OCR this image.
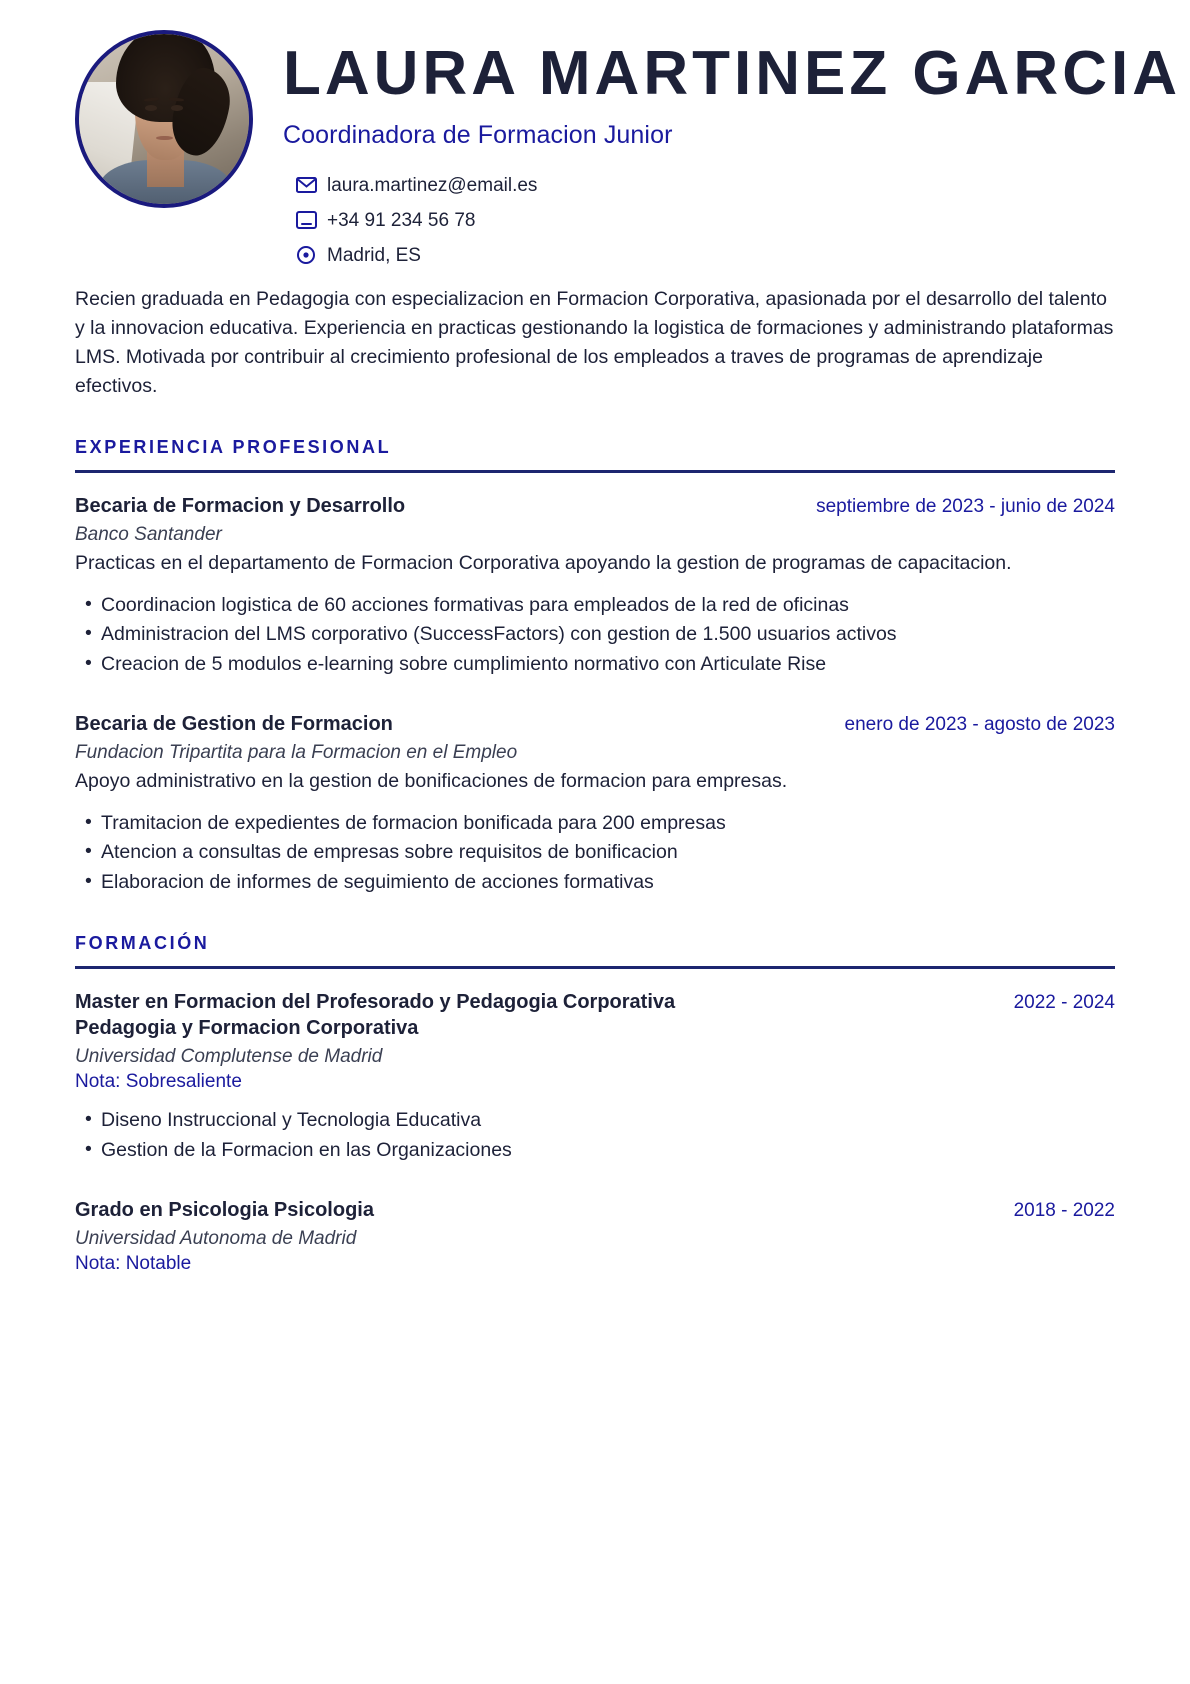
LAURA MARTINEZ GARCIA
Coordinadora de Formacion Junior
laura.martinez@email.es
+34 91 234 56 78
Madrid, ES

Recien graduada en Pedagogia con especializacion en Formacion Corporativa, apasionada por el desarrollo del talento y la innovacion educativa. Experiencia en practicas gestionando la logistica de formaciones y administrando plataformas LMS. Motivada por contribuir al crecimiento profesional de los empleados a traves de programas de aprendizaje efectivos.

EXPERIENCIA PROFESIONAL
Becaria de Formacion y Desarrollo	septiembre de 2023 - junio de 2024
Banco Santander
Practicas en el departamento de Formacion Corporativa apoyando la gestion de programas de capacitacion.
• Coordinacion logistica de 60 acciones formativas para empleados de la red de oficinas
• Administracion del LMS corporativo (SuccessFactors) con gestion de 1.500 usuarios activos
• Creacion de 5 modulos e-learning sobre cumplimiento normativo con Articulate Rise
Becaria de Gestion de Formacion	enero de 2023 - agosto de 2023
Fundacion Tripartita para la Formacion en el Empleo
Apoyo administrativo en la gestion de bonificaciones de formacion para empresas.
• Tramitacion de expedientes de formacion bonificada para 200 empresas
• Atencion a consultas de empresas sobre requisitos de bonificacion
• Elaboracion de informes de seguimiento de acciones formativas
FORMACIÓN
Master en Formacion del Profesorado y Pedagogia Corporativa	2022 - 2024
Pedagogia y Formacion Corporativa
Universidad Complutense de Madrid
Nota: Sobresaliente
• Diseno Instruccional y Tecnologia Educativa
• Gestion de la Formacion en las Organizaciones
Grado en Psicologia Psicologia	2018 - 2022
Universidad Autonoma de Madrid
Nota: Notable
